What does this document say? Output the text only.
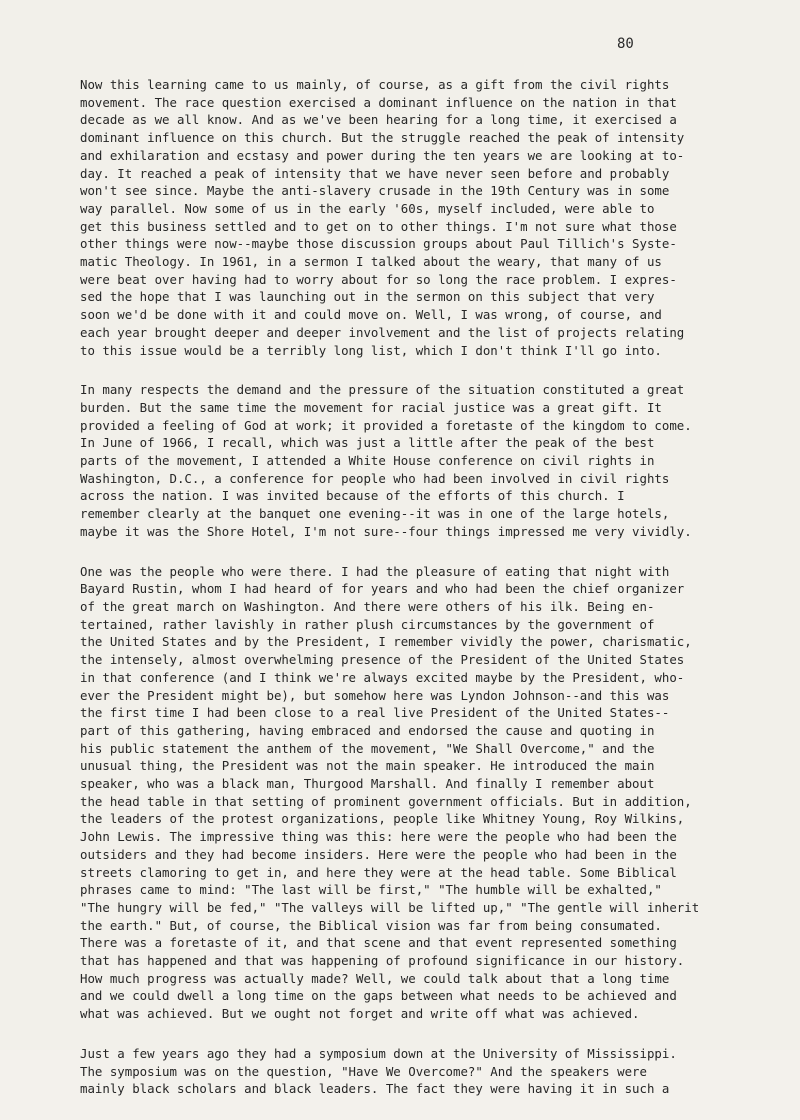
80

Now this learning came to us mainly, of course, as a gift from the civil rights
movement. The race question exercised a dominant influence on the nation in that
decade as we all know. And as we've been hearing for a long time, it exercised a
dominant influence on this church. But the struggle reached the peak of intensity
and exhilaration and ecstasy and power during the ten years we are looking at to-
day. It reached a peak of intensity that we have never seen before and probably
won't see since. Maybe the anti-slavery crusade in the 19th Century was in some
way parallel. Now some of us in the early '60s, myself included, were able to
get this business settled and to get on to other things. I'm not sure what those
other things were now--maybe those discussion groups about Paul Tillich's Syste-
matic Theology. In 1961, in a sermon I talked about the weary, that many of us
were beat over having had to worry about for so long the race problem. I expres-
sed the hope that I was launching out in the sermon on this subject that very
soon we'd be done with it and could move on. Well, I was wrong, of course, and
each year brought deeper and deeper involvement and the list of projects relating
to this issue would be a terribly long list, which I don't think I'll go into.

In many respects the demand and the pressure of the situation constituted a great
burden. But the same time the movement for racial justice was a great gift. It
provided a feeling of God at work; it provided a foretaste of the kingdom to come.
In June of 1966, I recall, which was just a little after the peak of the best
parts of the movement, I attended a White House conference on civil rights in
Washington, D.C., a conference for people who had been involved in civil rights
across the nation. I was invited because of the efforts of this church. I
remember clearly at the banquet one evening--it was in one of the large hotels,
maybe it was the Shore Hotel, I'm not sure--four things impressed me very vividly.

One was the people who were there. I had the pleasure of eating that night with
Bayard Rustin, whom I had heard of for years and who had been the chief organizer
of the great march on Washington. And there were others of his ilk. Being en-
tertained, rather lavishly in rather plush circumstances by the government of
the United States and by the President, I remember vividly the power, charismatic,
the intensely, almost overwhelming presence of the President of the United States
in that conference (and I think we're always excited maybe by the President, who-
ever the President might be), but somehow here was Lyndon Johnson--and this was
the first time I had been close to a real live President of the United States--
part of this gathering, having embraced and endorsed the cause and quoting in
his public statement the anthem of the movement, "We Shall Overcome," and the
unusual thing, the President was not the main speaker. He introduced the main
speaker, who was a black man, Thurgood Marshall. And finally I remember about
the head table in that setting of prominent government officials. But in addition,
the leaders of the protest organizations, people like Whitney Young, Roy Wilkins,
John Lewis. The impressive thing was this: here were the people who had been the
outsiders and they had become insiders. Here were the people who had been in the
streets clamoring to get in, and here they were at the head table. Some Biblical
phrases came to mind: "The last will be first," "The humble will be exhalted,"
"The hungry will be fed," "The valleys will be lifted up," "The gentle will inherit
the earth." But, of course, the Biblical vision was far from being consumated.
There was a foretaste of it, and that scene and that event represented something
that has happened and that was happening of profound significance in our history.
How much progress was actually made? Well, we could talk about that a long time
and we could dwell a long time on the gaps between what needs to be achieved and
what was achieved. But we ought not forget and write off what was achieved.

Just a few years ago they had a symposium down at the University of Mississippi.
The symposium was on the question, "Have We Overcome?" And the speakers were
mainly black scholars and black leaders. The fact they were having it in such a
